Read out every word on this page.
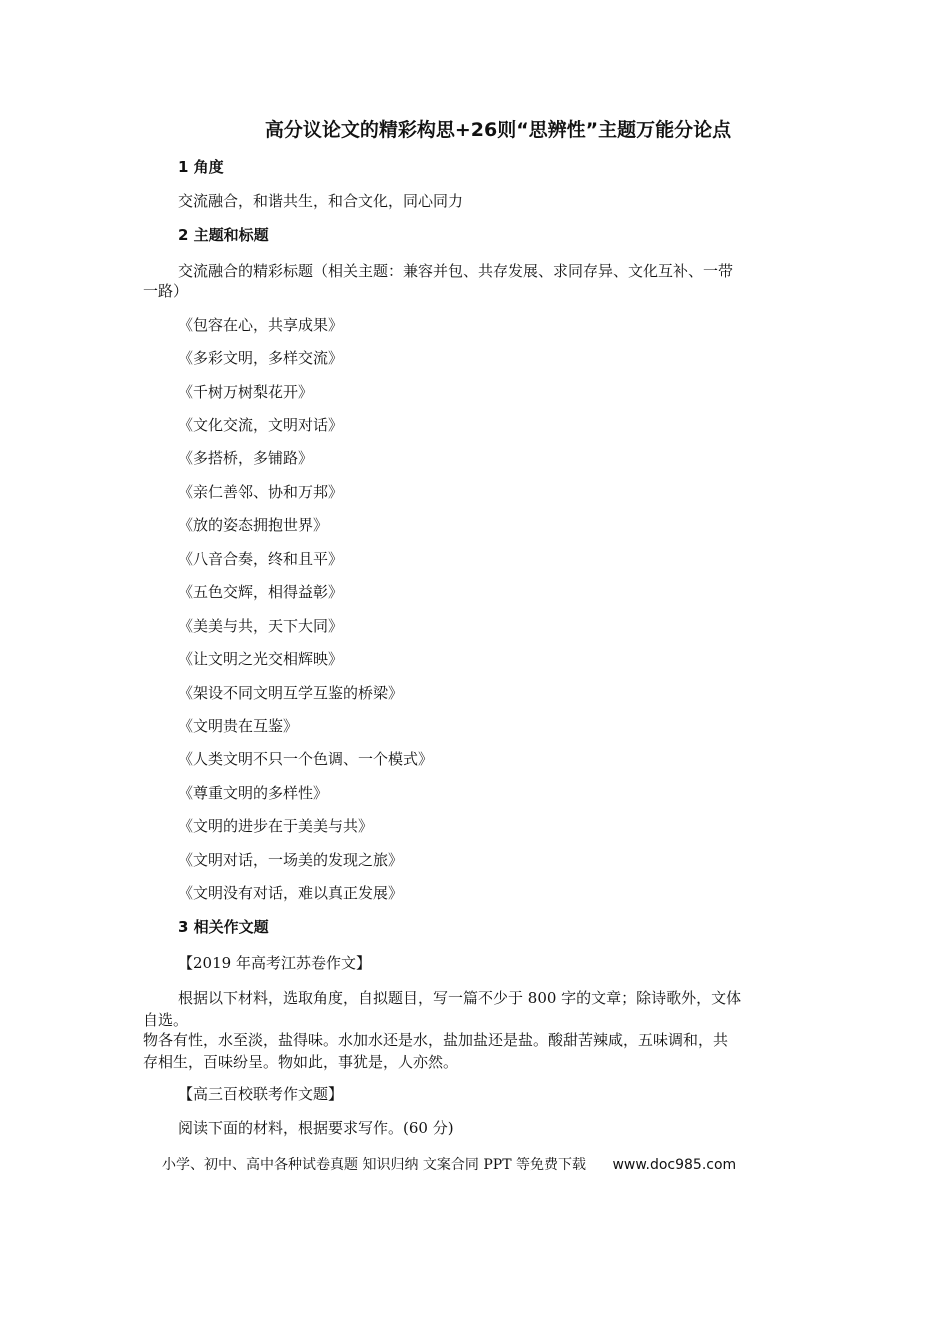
高分议论文的精彩构思+26则“思辨性”主题万能分论点
1 角度
交流融合，和谐共生，和合文化，同心同力
2 主题和标题
交流融合的精彩标题（相关主题：兼容并包、共存发展、求同存异、文化互补、一带
一路）
《包容在心，共享成果》
《多彩文明，多样交流》
《千树万树梨花开》
《文化交流，文明对话》
《多搭桥，多铺路》
《亲仁善邻、协和万邦》
《放的姿态拥抱世界》
《八音合奏，终和且平》
《五色交辉，相得益彰》
《美美与共，天下大同》
《让文明之光交相辉映》
《架设不同文明互学互鉴的桥梁》
《文明贵在互鉴》
《人类文明不只一个色调、一个模式》
《尊重文明的多样性》
《文明的进步在于美美与共》
《文明对话，一场美的发现之旅》
《文明没有对话，难以真正发展》
3 相关作文题
【2019 年高考江苏卷作文】
根据以下材料，选取角度，自拟题目，写一篇不少于 800 字的文章；除诗歌外，文体
自选。
物各有性，水至淡，盐得味。水加水还是水，盐加盐还是盐。酸甜苦辣咸，五味调和，共
存相生，百味纷呈。物如此，事犹是，人亦然。
【高三百校联考作文题】
阅读下面的材料，根据要求写作。(60 分)
小学、初中、高中各种试卷真题 知识归纳 文案合同 PPT 等免费下载 www.doc985.com
